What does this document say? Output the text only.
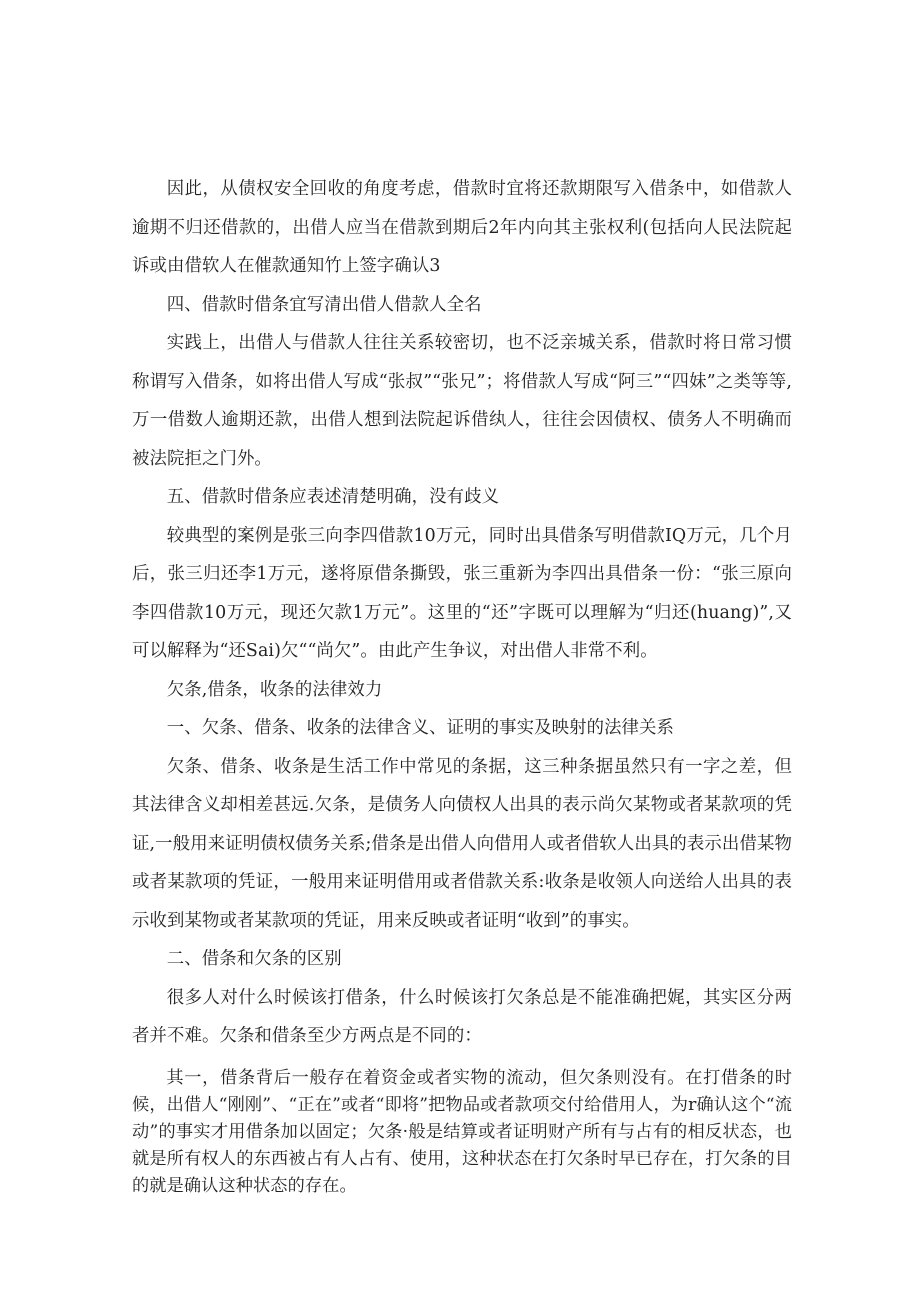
因此，从债权安全回收的角度考虑，借款时宜将还款期限写入借条中，如借款人逾期不归还借款的，出借人应当在借款到期后2年内向其主张权利(包括向人民法院起诉或由借软人在催款通知竹上签字确认3

四、借款时借条宜写清出借人借款人全名

实践上，出借人与借款人往往关系较密切，也不泛亲城关系，借款时将日常习惯称谓写入借条，如将出借人写成“张叔”“张兄”；将借款人写成“阿三”“四妹”之类等等,万一借数人逾期还款，出借人想到法院起诉借纨人，往往会因债权、债务人不明确而被法院拒之门外。

五、借款时借条应表述清楚明确，没有歧义

较典型的案例是张三向李四借款10万元，同时出具借条写明借款IQ万元，几个月后，张三归还李1万元，遂将原借条撕毁，张三重新为李四出具借条一份：“张三原向李四借款10万元，现还欠款1万元”。这里的“还”字既可以理解为“归还(huang)”,又可以解释为“还Sai)欠““尚欠”。由此产生争议，对出借人非常不利。

欠条,借条，收条的法律效力

一、欠条、借条、收条的法律含义、证明的事实及映射的法律关系

欠条、借条、收条是生活工作中常见的条据，这三种条据虽然只有一字之差，但其法律含义却相差甚远.欠条，是债务人向债权人出具的表示尚欠某物或者某款项的凭证,一般用来证明债权债务关系;借条是出借人向借用人或者借软人出具的表示出借某物或者某款项的凭证，一般用来证明借用或者借款关系:收条是收领人向送给人出具的表示收到某物或者某款项的凭证，用来反映或者证明“收到”的事实。

二、借条和欠条的区别

很多人对什么时候该打借条，什么时候该打欠条总是不能准确把娓，其实区分两者并不难。欠条和借条至少方两点是不同的：

其一，借条背后一般存在着资金或者实物的流动，但欠条则没有。在打借条的时候，出借人“刚刚”、“正在”或者“即将”把物品或者款项交付给借用人，为r确认这个“流动”的事实才用借条加以固定；欠条·般是结算或者证明财产所有与占有的相反状态，也就是所有权人的东西被占有人占有、使用，这种状态在打欠条时早已存在，打欠条的目的就是确认这种状态的存在。
